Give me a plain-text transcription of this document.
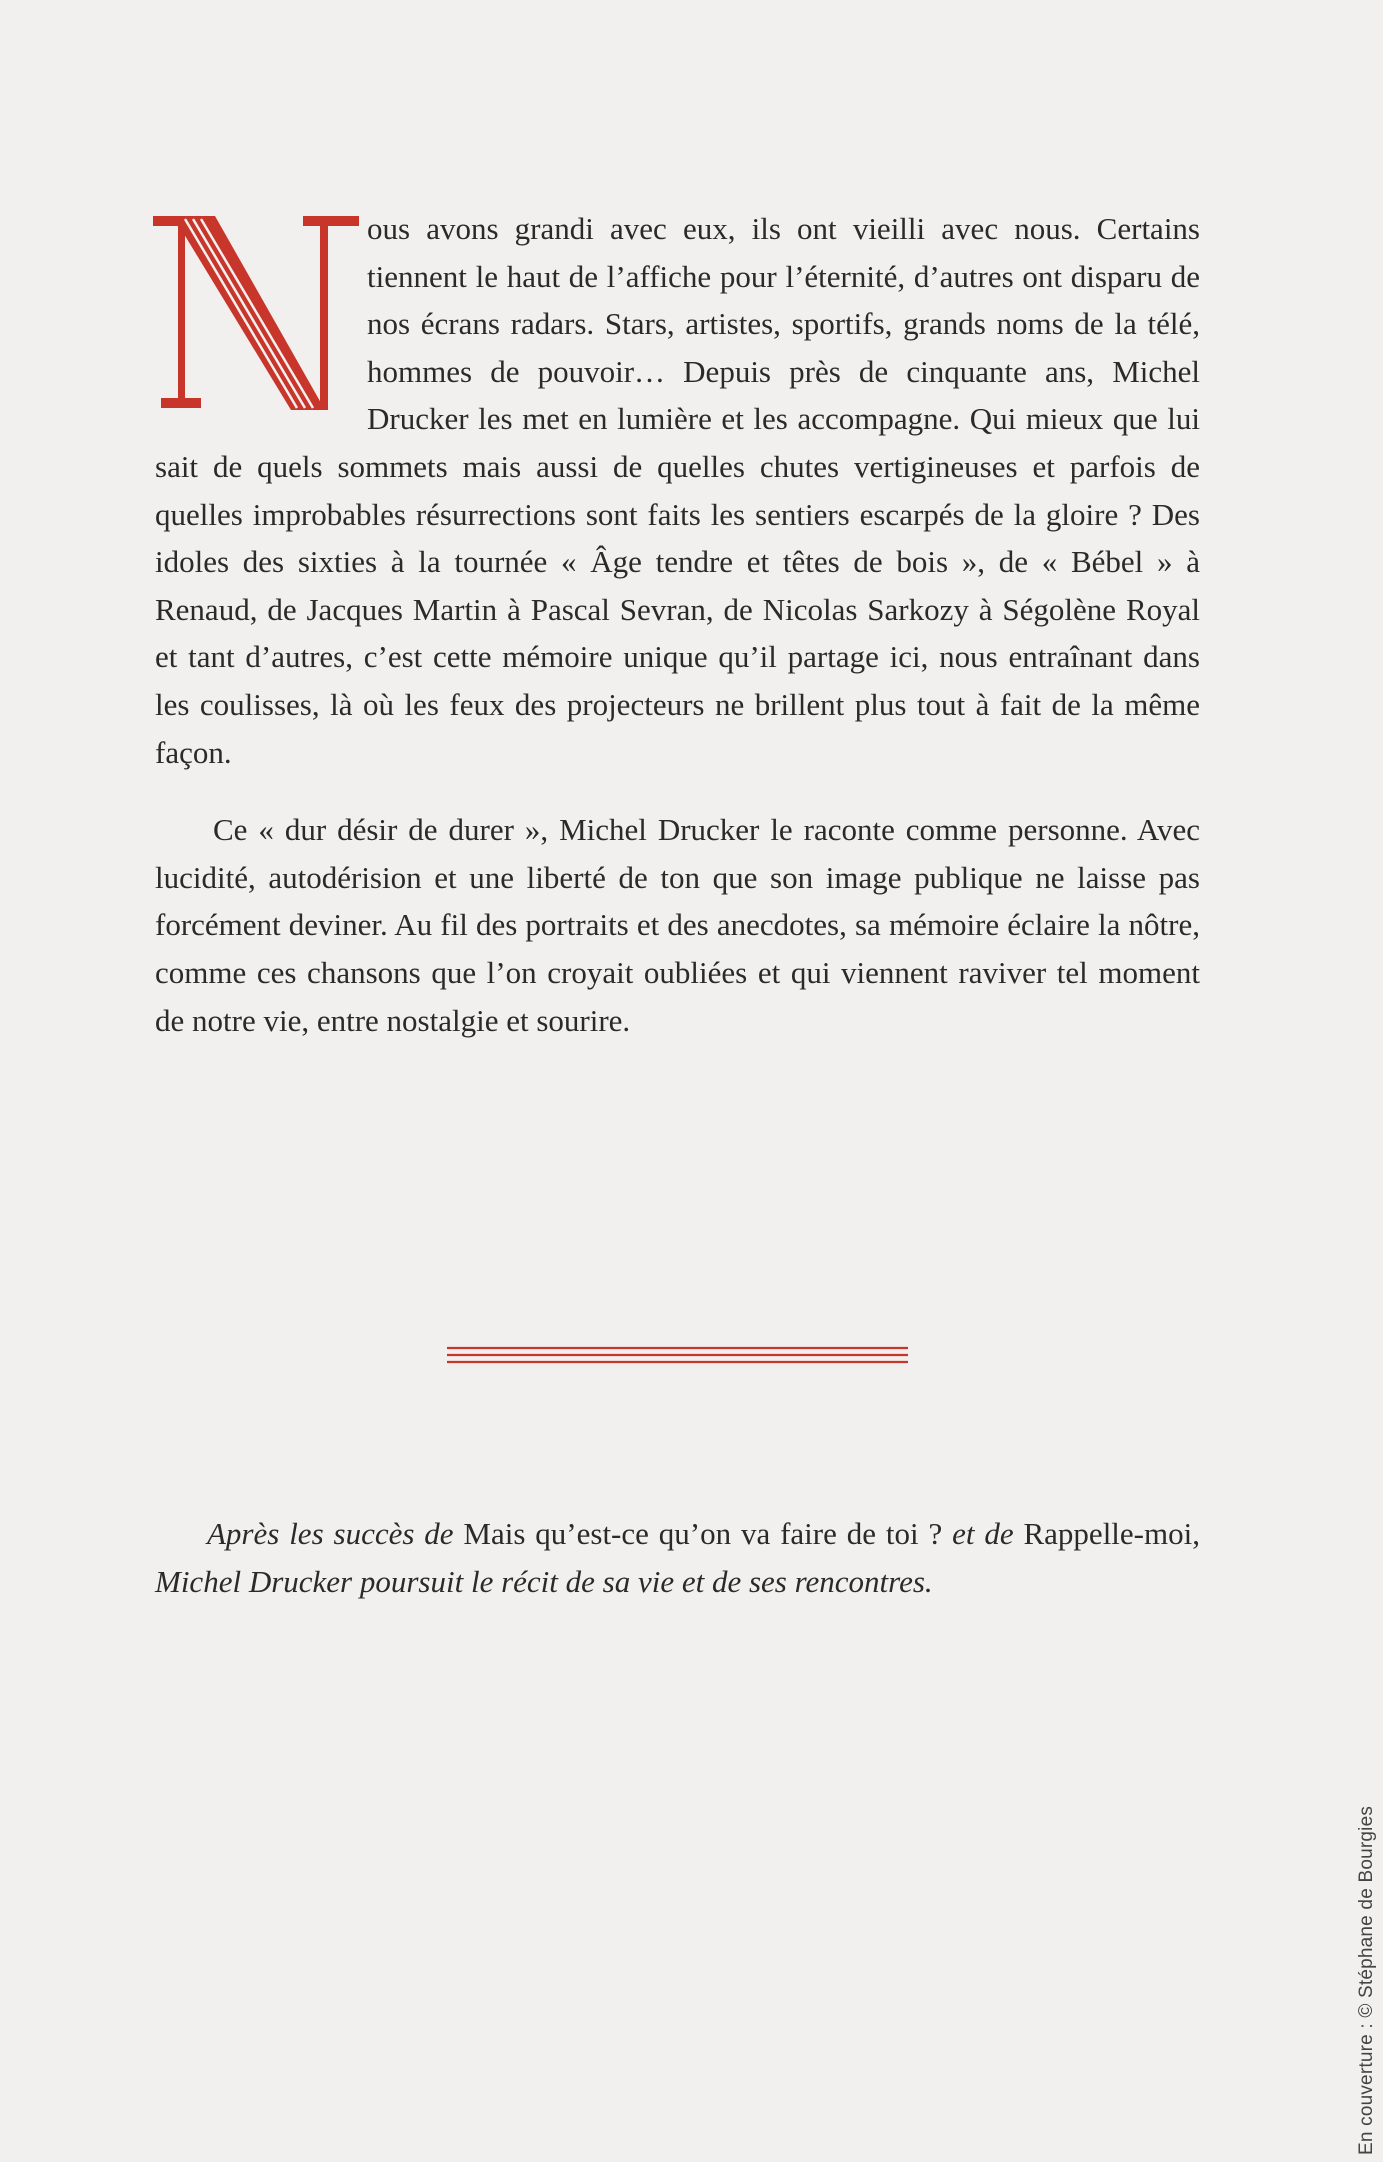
ous avons grandi avec eux, ils ont vieilli avec nous. Certains tiennent le haut de l’affiche pour l’éternité, d’autres ont disparu de nos écrans radars. Stars, artistes, sportifs, grands noms de la télé, hommes de pouvoir… Depuis près de cinquante ans, Michel Drucker les met en lumière et les accompagne. Qui mieux que lui sait de quels sommets mais aussi de quelles chutes vertigineuses et parfois de quelles improbables résurrections sont faits les sentiers escarpés de la gloire ? Des idoles des sixties à la tournée « Âge tendre et têtes de bois », de « Bébel » à Renaud, de Jacques Martin à Pascal Sevran, de Nicolas Sarkozy à Ségolène Royal et tant d’autres, c’est cette mémoire unique qu’il partage ici, nous entraînant dans les coulisses, là où les feux des projecteurs ne brillent plus tout à fait de la même façon.

Ce « dur désir de durer », Michel Drucker le raconte comme personne. Avec lucidité, autodérision et une liberté de ton que son image publique ne laisse pas forcément deviner. Au fil des portraits et des anecdotes, sa mémoire éclaire la nôtre, comme ces chansons que l’on croyait oubliées et qui viennent raviver tel moment de notre vie, entre nostalgie et sourire.

Après les succès de Mais qu’est-ce qu’on va faire de toi ? et de Rappelle-moi, Michel Drucker poursuit le récit de sa vie et de ses rencontres.

En couverture : © Stéphane de Bourgies
